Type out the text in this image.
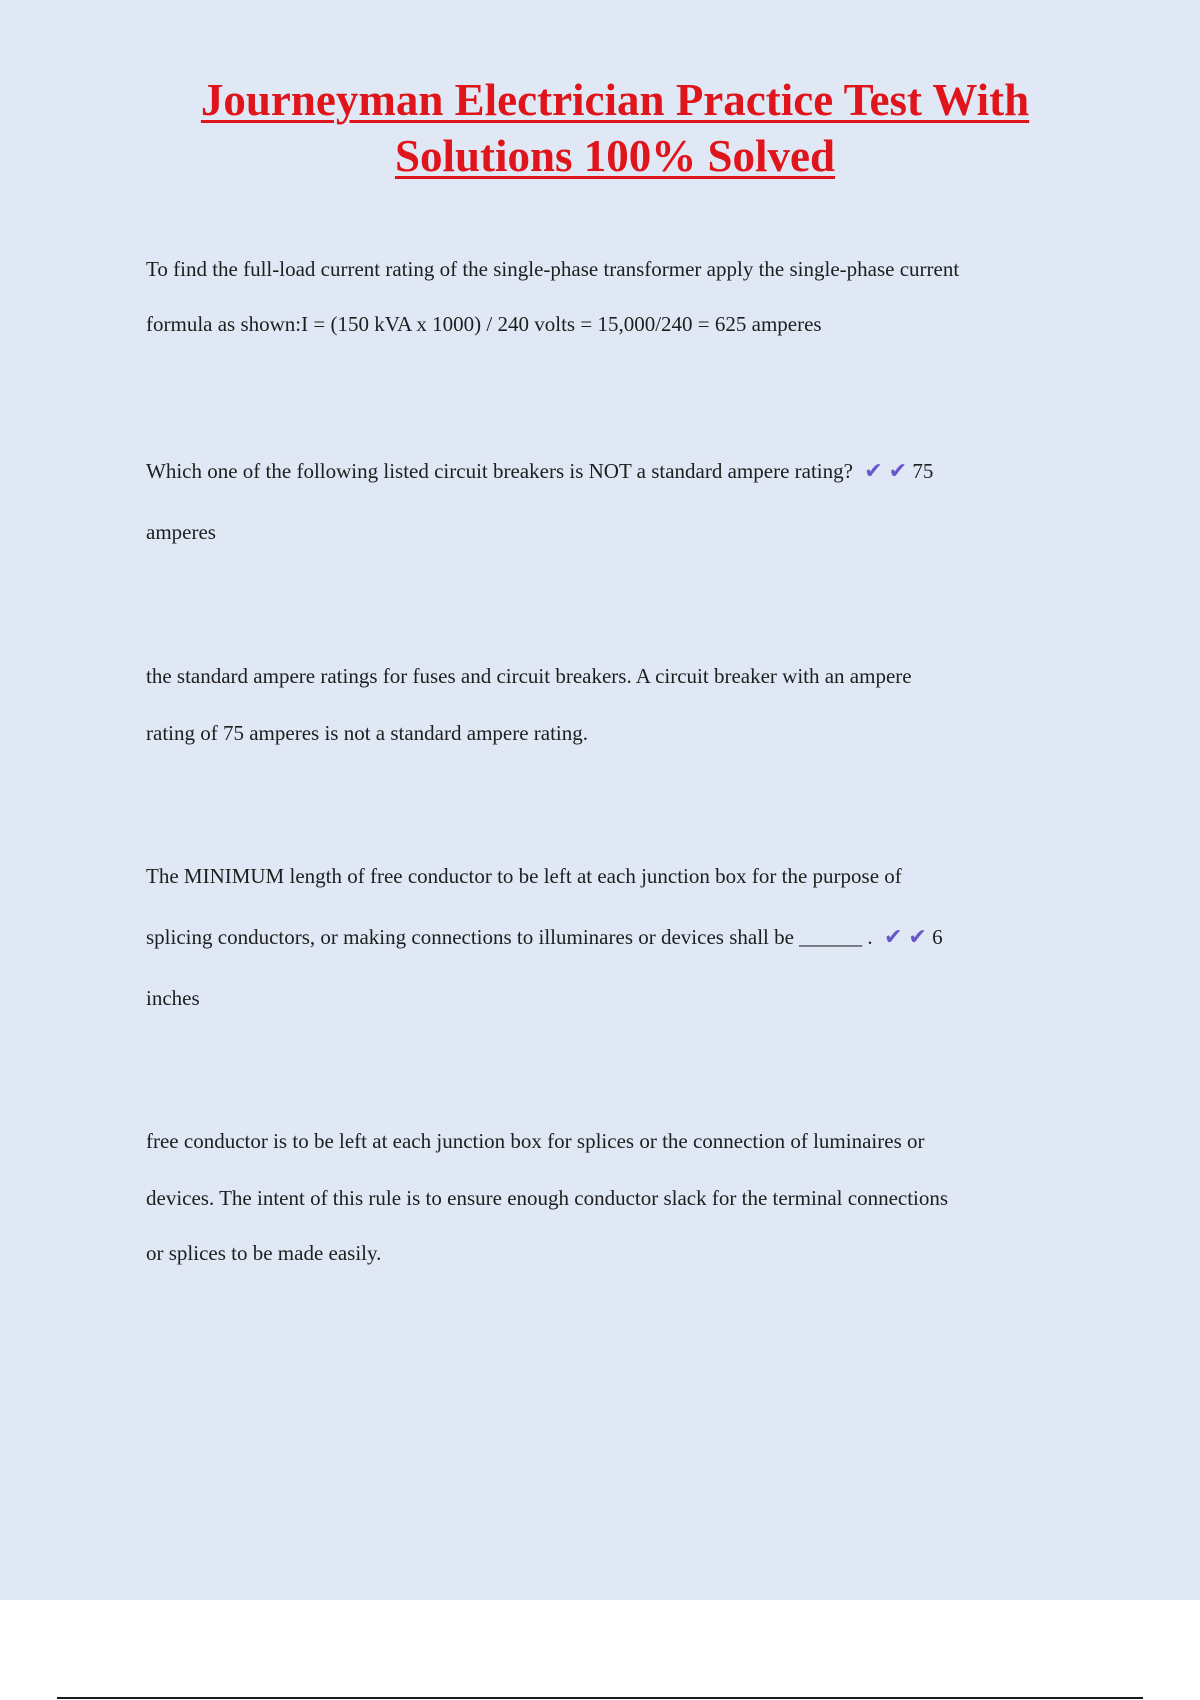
Journeyman Electrician Practice Test With
Solutions 100% Solved
To find the full-load current rating of the single-phase transformer apply the single-phase current
formula as shown:I = (150 kVA x 1000) / 240 volts = 15,000/240 = 625 amperes
Which one of the following listed circuit breakers is NOT a standard ampere rating? ✔ ✔ 75
amperes
the standard ampere ratings for fuses and circuit breakers. A circuit breaker with an ampere
rating of 75 amperes is not a standard ampere rating.
The MINIMUM length of free conductor to be left at each junction box for the purpose of
splicing conductors, or making connections to illuminares or devices shall be ______ . ✔ ✔ 6
inches
free conductor is to be left at each junction box for splices or the connection of luminaires or
devices. The intent of this rule is to ensure enough conductor slack for the terminal connections
or splices to be made easily.
